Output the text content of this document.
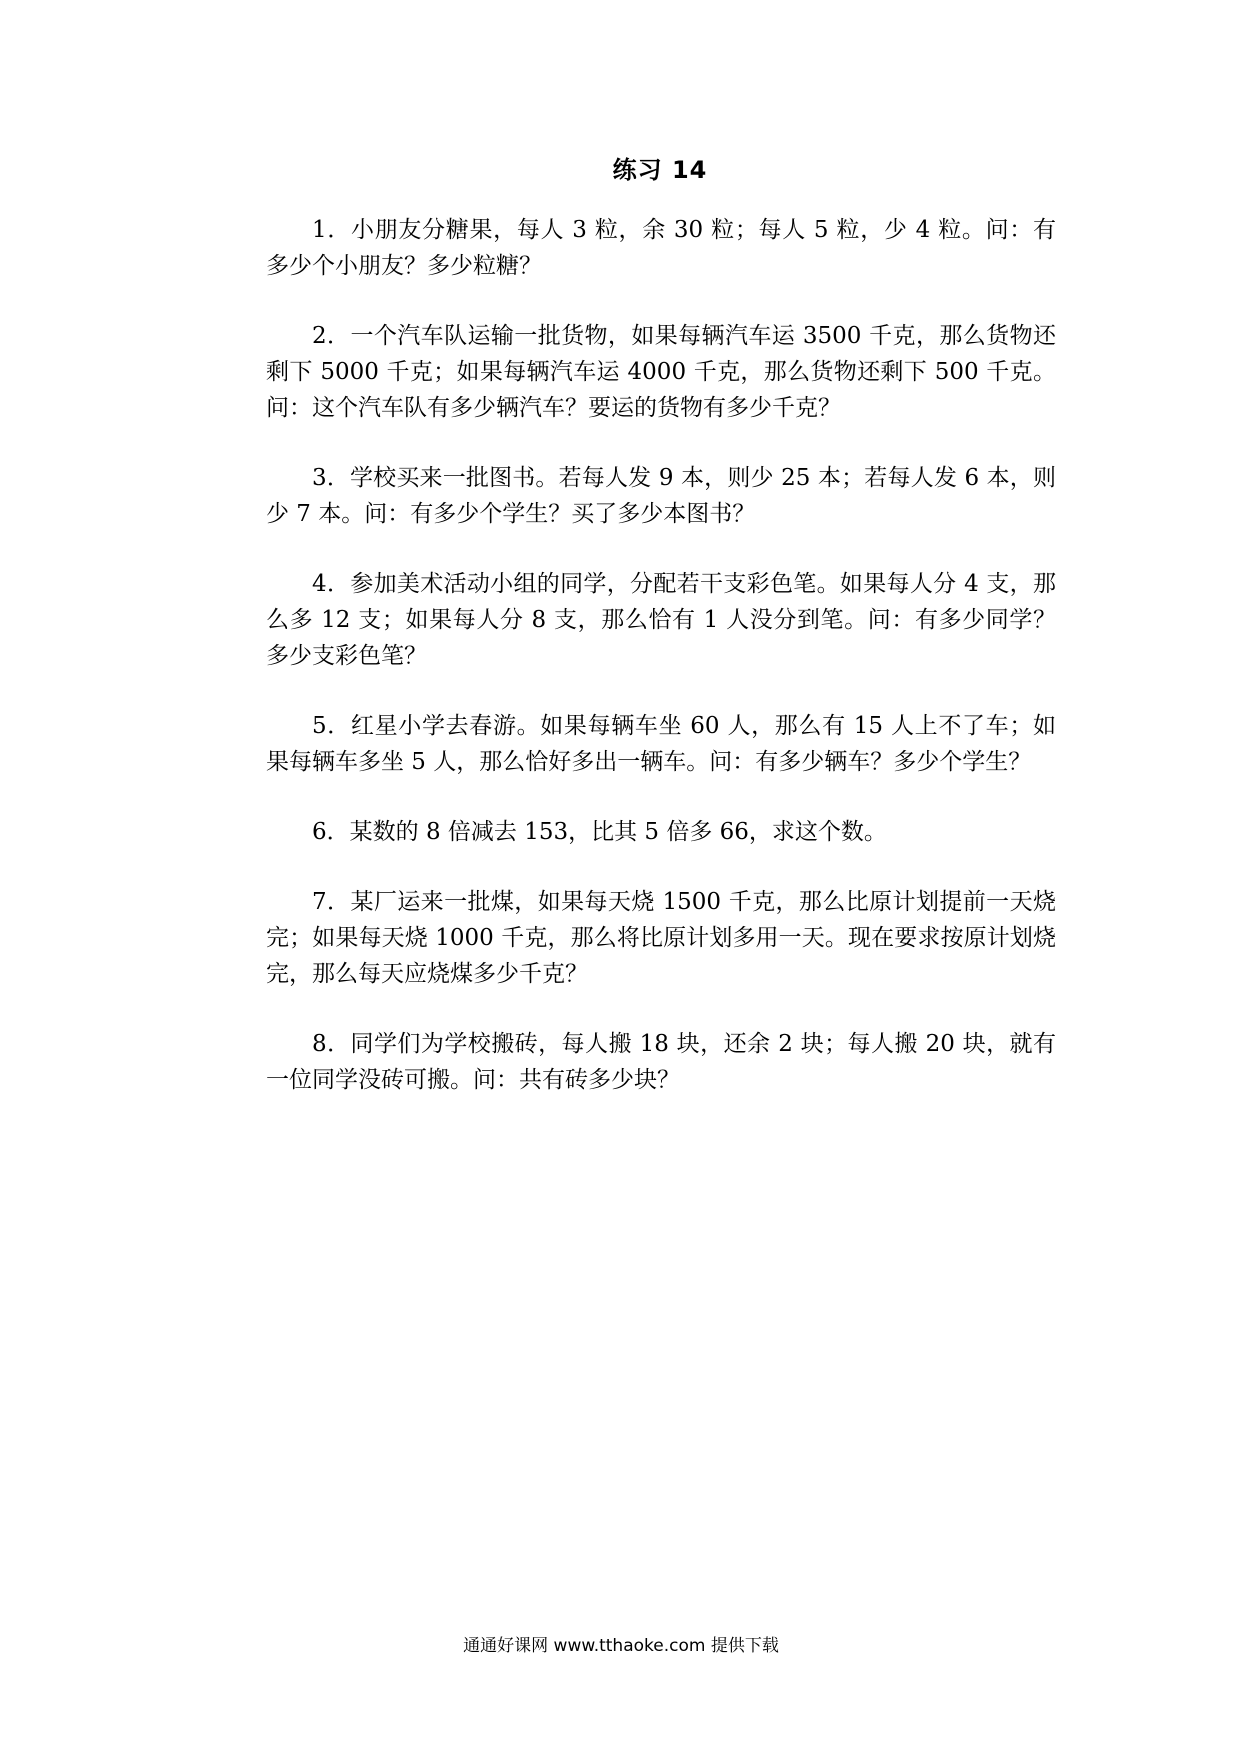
练习 14

1．小朋友分糖果，每人 3 粒，余 30 粒；每人 5 粒，少 4 粒。问：有多少个小朋友？多少粒糖？

2．一个汽车队运输一批货物，如果每辆汽车运 3500 千克，那么货物还剩下 5000 千克；如果每辆汽车运 4000 千克，那么货物还剩下 500 千克。问：这个汽车队有多少辆汽车？要运的货物有多少千克？

3．学校买来一批图书。若每人发 9 本，则少 25 本；若每人发 6 本，则少 7 本。问：有多少个学生？买了多少本图书？

4．参加美术活动小组的同学，分配若干支彩色笔。如果每人分 4 支，那么多 12 支；如果每人分 8 支，那么恰有 1 人没分到笔。问：有多少同学？多少支彩色笔？

5．红星小学去春游。如果每辆车坐 60 人，那么有 15 人上不了车；如果每辆车多坐 5 人，那么恰好多出一辆车。问：有多少辆车？多少个学生？

6．某数的 8 倍减去 153，比其 5 倍多 66，求这个数。

7．某厂运来一批煤，如果每天烧 1500 千克，那么比原计划提前一天烧完；如果每天烧 1000 千克，那么将比原计划多用一天。现在要求按原计划烧完，那么每天应烧煤多少千克？

8．同学们为学校搬砖，每人搬 18 块，还余 2 块；每人搬 20 块，就有一位同学没砖可搬。问：共有砖多少块？

通通好课网 www.tthaoke.com 提供下载
